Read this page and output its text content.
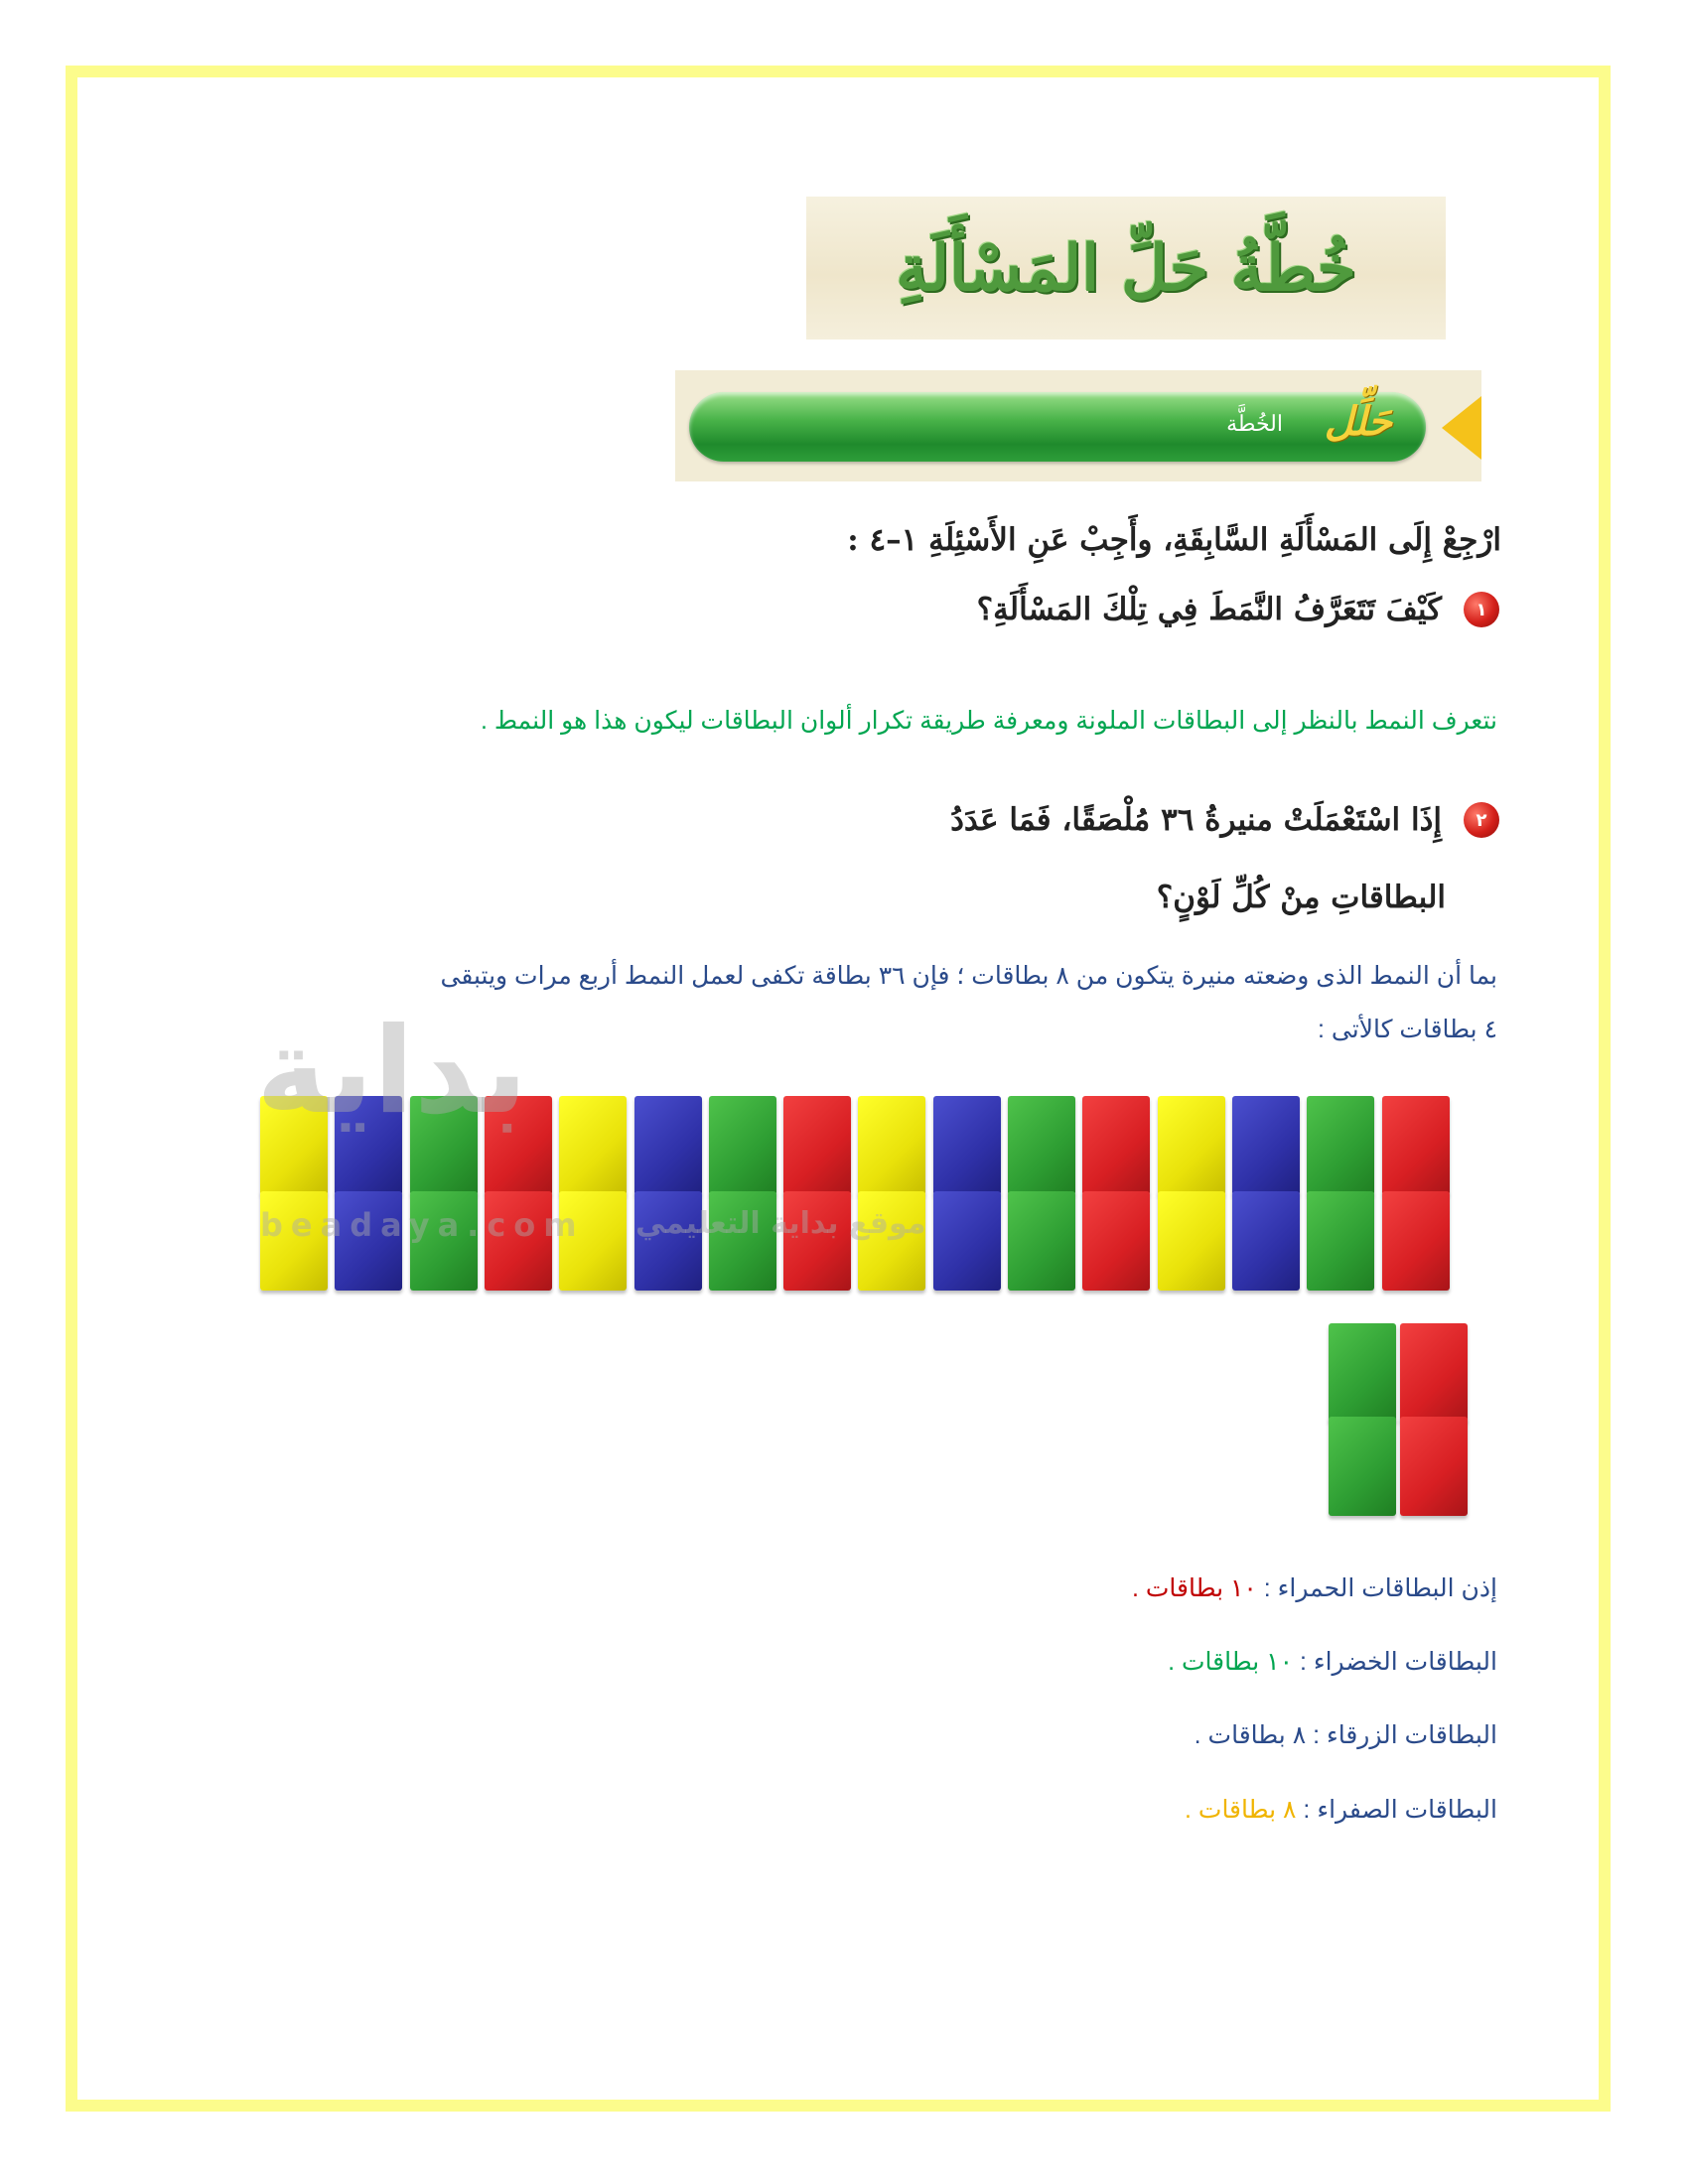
خُطَّةُ حَلِّ المَسْأَلَةِ
حَلِّل
الخُطَّة
ارْجِعْ إِلَى المَسْأَلَةِ السَّابِقَةِ، وأَجِبْ عَنِ الأَسْئِلَةِ ١–٤ :
١
كَيْفَ تَتَعَرَّفُ النَّمَطَ فِي تِلْكَ المَسْأَلَةِ؟
نتعرف النمط بالنظر إلى البطاقات الملونة ومعرفة طريقة تكرار ألوان البطاقات ليكون هذا هو النمط .
٢
إِذَا اسْتَعْمَلَتْ منيرةُ ٣٦ مُلْصَقًا، فَمَا عَدَدُ
البطاقاتِ مِنْ كُلِّ لَوْنٍ؟
بما أن النمط الذى وضعته منيرة يتكون من ٨ بطاقات ؛ فإن ٣٦ بطاقة تكفى لعمل النمط أربع مرات ويتبقى
٤ بطاقات كالأتى :
بداية
beadaya.com موقع بداية التعليمي
إذن البطاقات الحمراء : ١٠ بطاقات .
البطاقات الخضراء : ١٠ بطاقات .
البطاقات الزرقاء : ٨ بطاقات .
البطاقات الصفراء : ٨ بطاقات .
